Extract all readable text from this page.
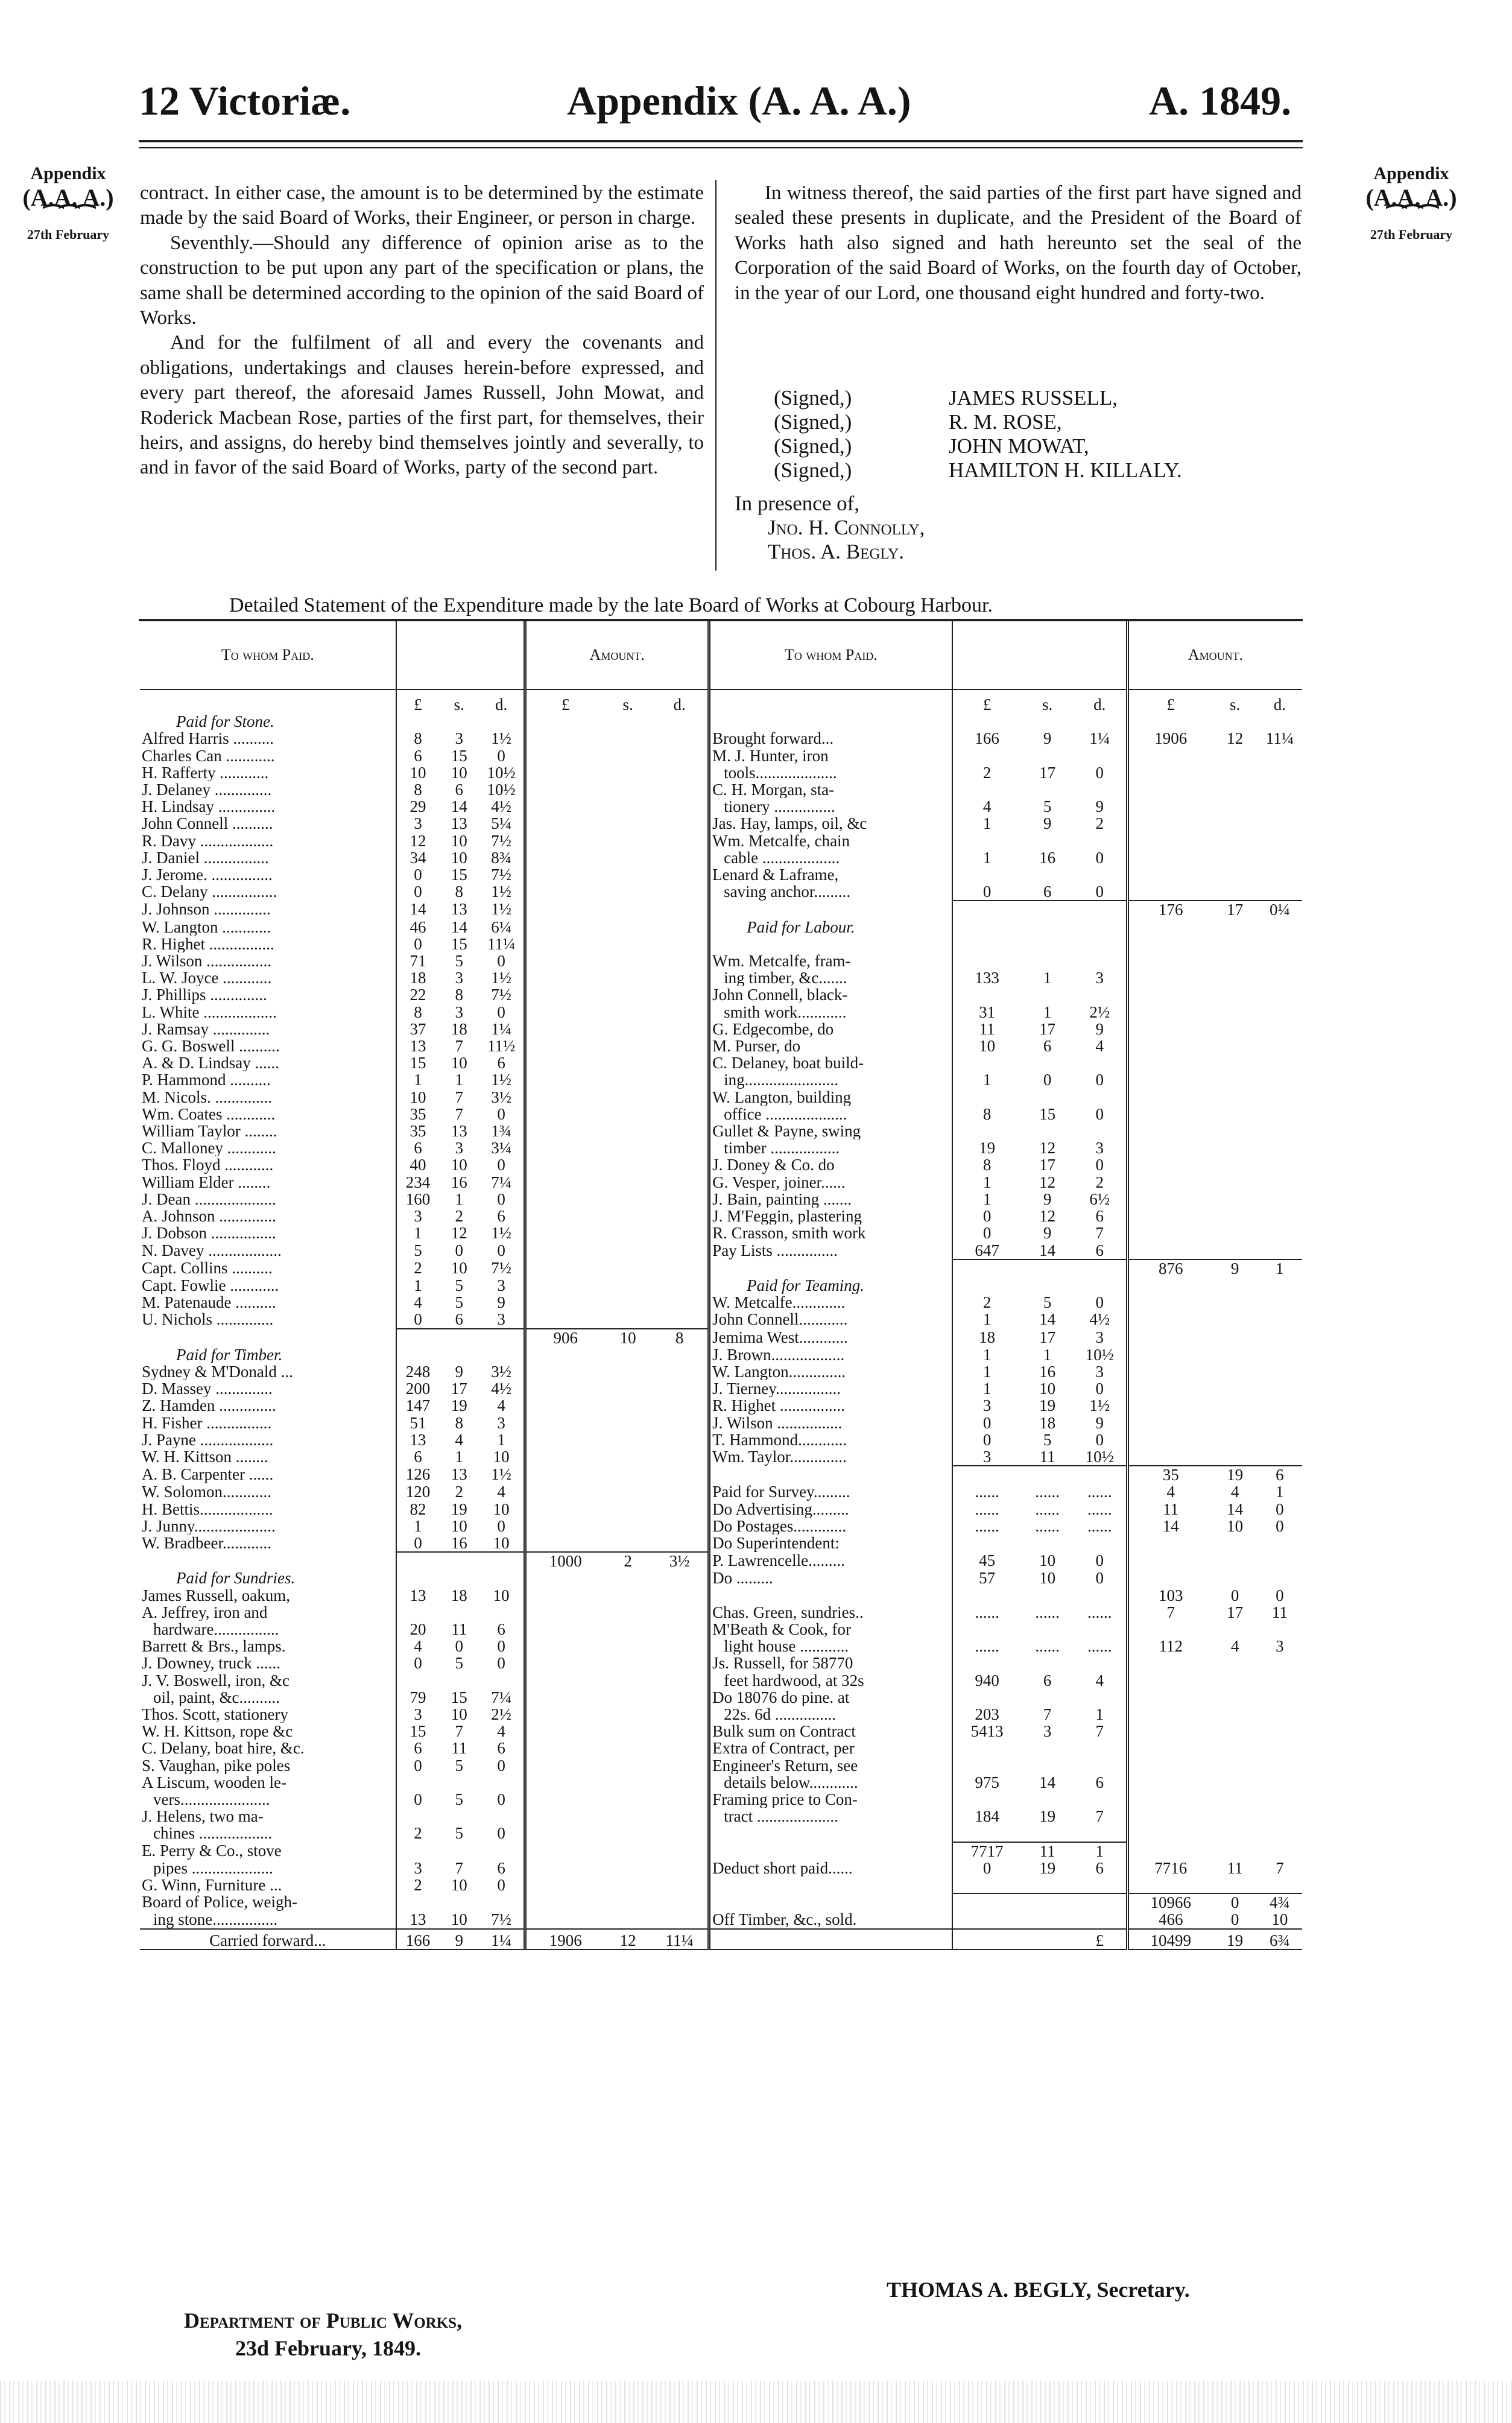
12 Victoriæ.	Appendix (A. A. A.)	A. 1849.
Appendix
(A.A. A.)
⁀⁀⁀
27th February
Appendix
(A.A. A.)
⁀⁀⁀
27th February

contract. In either case, the amount is to be determined by the estimate made by the said Board of Works, their Engineer, or person in charge.

Seventhly.—Should any difference of opinion arise as to the construction to be put upon any part of the specification or plans, the same shall be determined according to the opinion of the said Board of Works.

And for the fulfilment of all and every the covenants and obligations, undertakings and clauses herein-before expressed, and every part thereof, the aforesaid James Russell, John Mowat, and Roderick Macbean Rose, parties of the first part, for themselves, their heirs, and assigns, do hereby bind themselves jointly and severally, to and in favor of the said Board of Works, party of the second part.

In witness thereof, the said parties of the first part have signed and sealed these presents in duplicate, and the President of the Board of Works hath also signed and hath hereunto set the seal of the Corporation of the said Board of Works, on the fourth day of October, in the year of our Lord, one thousand eight hundred and forty-two.

(Signed,)	JAMES RUSSELL,
(Signed,)	R. M. ROSE,
(Signed,)	JOHN MOWAT,
(Signed,)	HAMILTON H. KILLALY.
In presence of,
Jno. H. Connolly,
Thos. A. Begly.
Detailed Statement of the Expenditure made by the late Board of Works at Cobourg Harbour.
To whom Paid.				Amount.			To whom Paid.				Amount.		

	£	s.	d.	£	s.	d.		£	s.	d.	£	s.	d.
Paid for Stone.													
Alfred Harris ..........	8	3	1½				Brought forward...	166	9	1¼	1906	12	11¼
Charles Can ............	6	15	0				M. J. Hunter, iron						
H. Rafferty ............	10	10	10½				tools....................	2	17	0			
J. Delaney ..............	8	6	10½				C. H. Morgan, sta-						
H. Lindsay ..............	29	14	4½				tionery ...............	4	5	9			
John Connell ..........	3	13	5¼				Jas. Hay, lamps, oil, &c	1	9	2			
R. Davy ..................	12	10	7½				Wm. Metcalfe, chain						
J. Daniel ................	34	10	8¾				cable ...................	1	16	0			
J. Jerome. ...............	0	15	7½				Lenard & Laframe,						
C. Delany ................	0	8	1½				saving anchor.........	0	6	0			
J. Johnson ..............	14	13	1½								176	17	0¼
W. Langton ............	46	14	6¼				Paid for Labour.						
R. Highet ................	0	15	11¼										
J. Wilson ................	71	5	0				Wm. Metcalfe, fram-						
L. W. Joyce ............	18	3	1½				ing timber, &c.......	133	1	3			
J. Phillips ..............	22	8	7½				John Connell, black-						
L. White ..................	8	3	0				smith work............	31	1	2½			
J. Ramsay ..............	37	18	1¼				G. Edgecombe, do	11	17	9			
G. G. Boswell ..........	13	7	11½				M. Purser, do	10	6	4			
A. & D. Lindsay ......	15	10	6				C. Delaney, boat build-						
P. Hammond ..........	1	1	1½				ing.......................	1	0	0			
M. Nicols. ..............	10	7	3½				W. Langton, building						
Wm. Coates ............	35	7	0				office ....................	8	15	0			
William Taylor ........	35	13	1¾				Gullet & Payne, swing						
C. Malloney ............	6	3	3¼				timber .................	19	12	3			
Thos. Floyd ............	40	10	0				J. Doney & Co. do	8	17	0			
William Elder ........	234	16	7¼				G. Vesper, joiner......	1	12	2			
J. Dean ....................	160	1	0				J. Bain, painting .......	1	9	6½			
A. Johnson ..............	3	2	6				J. M'Feggin, plastering	0	12	6			
J. Dobson ................	1	12	1½				R. Crasson, smith work	0	9	7			
N. Davey ..................	5	0	0				Pay Lists ...............	647	14	6			
Capt. Collins ..........	2	10	7½								876	9	1
Capt. Fowlie ............	1	5	3				Paid for Teaming.						
M. Patenaude ..........	4	5	9				W. Metcalfe.............	2	5	0			
U. Nichols ..............	0	6	3				John Connell............	1	14	4½			
				906	10	8	Jemima West............	18	17	3			
Paid for Timber.							J. Brown..................	1	1	10½			
Sydney & M'Donald ...	248	9	3½				W. Langton..............	1	16	3			
D. Massey ..............	200	17	4½				J. Tierney................	1	10	0			
Z. Hamden ..............	147	19	4				R. Highet ................	3	19	1½			
H. Fisher ................	51	8	3				J. Wilson ................	0	18	9			
J. Payne ..................	13	4	1				T. Hammond............	0	5	0			
W. H. Kittson ........	6	1	10				Wm. Taylor..............	3	11	10½			
A. B. Carpenter ......	126	13	1½								35	19	6
W. Solomon............	120	2	4				Paid for Survey.........	......	......	......	4	4	1
H. Bettis..................	82	19	10				Do Advertising.........	......	......	......	11	14	0
J. Junny....................	1	10	0				Do Postages.............	......	......	......	14	10	0
W. Bradbeer............	0	16	10				Do Superintendent:						
				1000	2	3½	P. Lawrencelle.........	45	10	0			
Paid for Sundries.							Do .........	57	10	0			
James Russell, oakum,	13	18	10								103	0	0
A. Jeffrey, iron and							Chas. Green, sundries..	......	......	......	7	17	11
hardware................	20	11	6				M'Beath & Cook, for						
Barrett & Brs., lamps.	4	0	0				light house ............	......	......	......	112	4	3
J. Downey, truck ......	0	5	0				Js. Russell, for 58770						
J. V. Boswell, iron, &c							feet hardwood, at 32s	940	6	4			
oil, paint, &c..........	79	15	7¼				Do 18076 do pine. at						
Thos. Scott, stationery	3	10	2½				22s. 6d ...............	203	7	1			
W. H. Kittson, rope &c	15	7	4				Bulk sum on Contract	5413	3	7			
C. Delany, boat hire, &c.	6	11	6				Extra of Contract, per						
S. Vaughan, pike poles	0	5	0				Engineer's Return, see						
A Liscum, wooden le-							details below............	975	14	6			
vers......................	0	5	0				Framing price to Con-						
J. Helens, two ma-							tract ....................	184	19	7			
chines ..................	2	5	0										
E. Perry & Co., stove								7717	11	1			
pipes ....................	3	7	6				Deduct short paid......	0	19	6	7716	11	7
G. Winn, Furniture ...	2	10	0										
Board of Police, weigh-											10966	0	4¾
ing stone................	13	10	7½				Off Timber, &c., sold.				466	0	10
Carried forward...	166	9	1¼	1906	12	11¼				£	10499	19	6¾
THOMAS A. BEGLY, Secretary.
Department of Public Works,
23d February, 1849.
